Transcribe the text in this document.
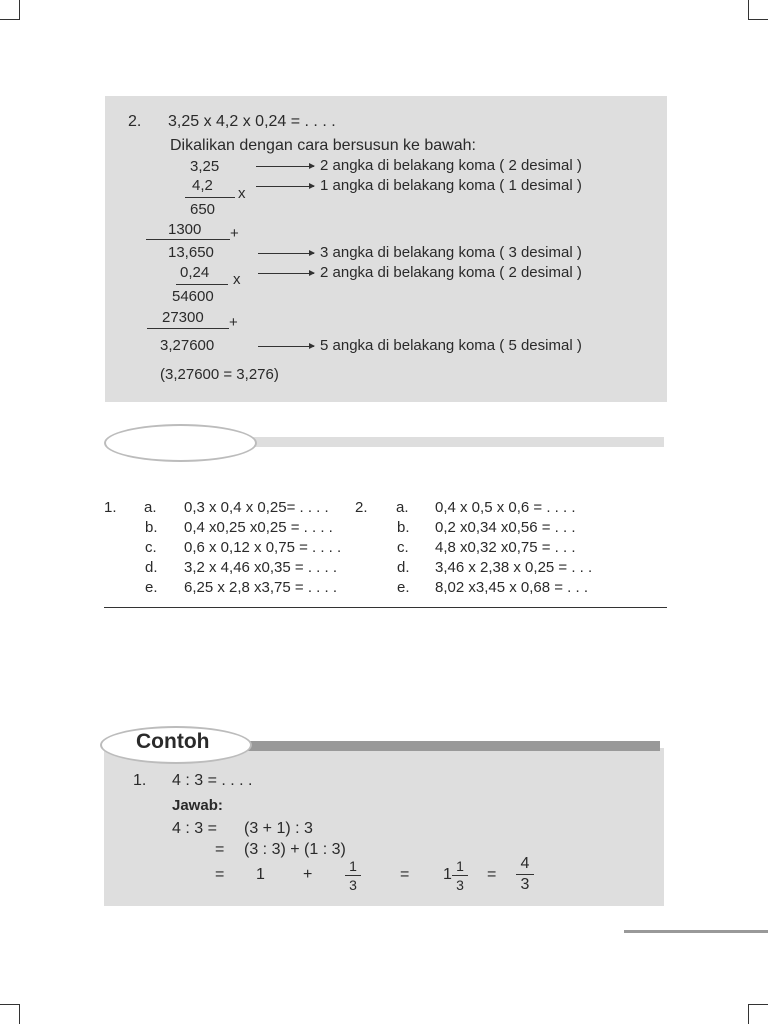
2. 3,25 x 4,2 x 0,24 = . . . .
Dikalikan dengan cara bersusun ke bawah:
3,25	2 angka di belakang koma ( 2 desimal )
4,2 x	1 angka di belakang koma ( 1 desimal )
650
1300 +
13,650	3 angka di belakang koma ( 3 desimal )
0,24 x	2 angka di belakang koma ( 2 desimal )
54600
27300 +
3,27600	5 angka di belakang koma ( 5 desimal )
(3,27600 = 3,276)
1. a. 0,3 x 0,4 x 0,25= . . . .
b. 0,4 x0,25 x0,25 = . . . .
c. 0,6 x 0,12 x 0,75 = . . . .
d. 3,2 x 4,46 x0,35 = . . . .
e. 6,25 x 2,8 x3,75 = . . . .
2. a. 0,4 x 0,5 x 0,6 = . . . .
b. 0,2 x0,34 x0,56 = . . .
c. 4,8 x0,32 x0,75 = . . .
d. 3,46 x 2,38 x 0,25 = . . .
e. 8,02 x3,45 x 0,68 = . . .
Contoh
1. 4 : 3 = . . . .
Jawab:
4 : 3 = (3 + 1) : 3
= (3 : 3) + (1 : 3)
= 1 +	1
3
= 1 1
3
=
4
3
